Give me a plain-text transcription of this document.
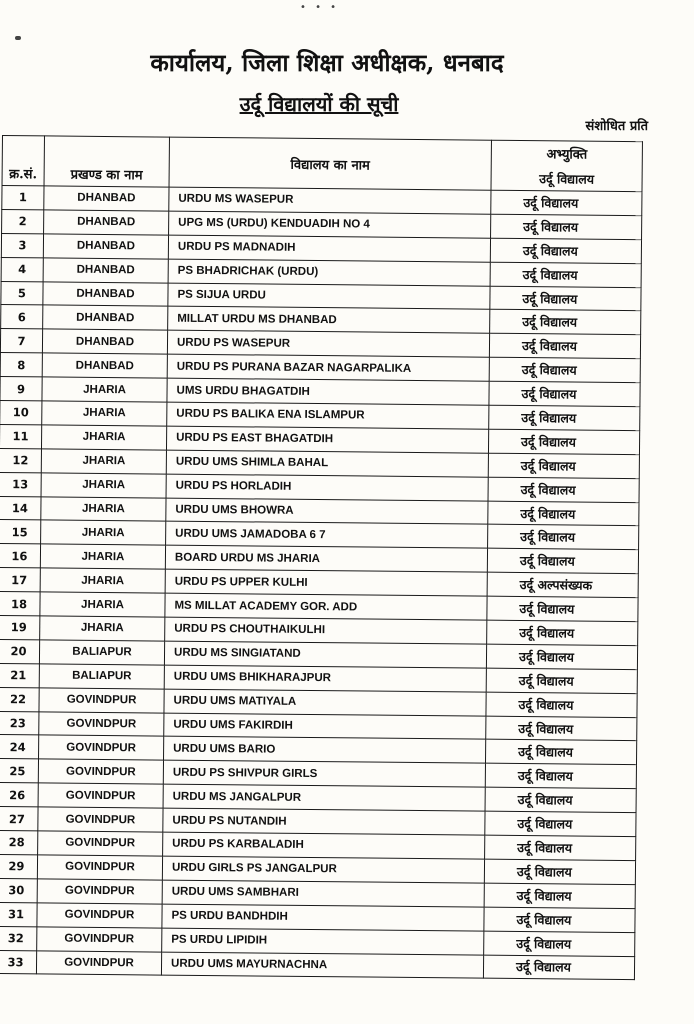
• • •
कार्यालय, जिला शिक्षा अधीक्षक, धनबाद
उर्दू विद्यालयों की सूची
संशोधित प्रति
क्र.सं.	प्रखण्ड का नाम	विद्यालय का नाम	अभ्युक्ति
उर्दू विद्यालय

1	DHANBAD	URDU MS WASEPUR	उर्दू विद्यालय
2	DHANBAD	UPG MS (URDU) KENDUADIH NO 4	उर्दू विद्यालय
3	DHANBAD	URDU PS MADNADIH	उर्दू विद्यालय
4	DHANBAD	PS BHADRICHAK (URDU)	उर्दू विद्यालय
5	DHANBAD	PS SIJUA URDU	उर्दू विद्यालय
6	DHANBAD	MILLAT URDU MS DHANBAD	उर्दू विद्यालय
7	DHANBAD	URDU PS WASEPUR	उर्दू विद्यालय
8	DHANBAD	URDU PS PURANA BAZAR NAGARPALIKA	उर्दू विद्यालय
9	JHARIA	UMS URDU BHAGATDIH	उर्दू विद्यालय
10	JHARIA	URDU PS BALIKA ENA ISLAMPUR	उर्दू विद्यालय
11	JHARIA	URDU PS EAST BHAGATDIH	उर्दू विद्यालय
12	JHARIA	URDU UMS SHIMLA BAHAL	उर्दू विद्यालय
13	JHARIA	URDU PS HORLADIH	उर्दू विद्यालय
14	JHARIA	URDU UMS BHOWRA	उर्दू विद्यालय
15	JHARIA	URDU UMS JAMADOBA 6 7	उर्दू विद्यालय
16	JHARIA	BOARD URDU MS JHARIA	उर्दू विद्यालय
17	JHARIA	URDU PS UPPER KULHI	उर्दू अल्पसंख्यक
18	JHARIA	MS MILLAT ACADEMY GOR. ADD	उर्दू विद्यालय
19	JHARIA	URDU PS CHOUTHAIKULHI	उर्दू विद्यालय
20	BALIAPUR	URDU MS SINGIATAND	उर्दू विद्यालय
21	BALIAPUR	URDU UMS BHIKHARAJPUR	उर्दू विद्यालय
22	GOVINDPUR	URDU UMS MATIYALA	उर्दू विद्यालय
23	GOVINDPUR	URDU UMS FAKIRDIH	उर्दू विद्यालय
24	GOVINDPUR	URDU UMS BARIO	उर्दू विद्यालय
25	GOVINDPUR	URDU PS SHIVPUR GIRLS	उर्दू विद्यालय
26	GOVINDPUR	URDU MS JANGALPUR	उर्दू विद्यालय
27	GOVINDPUR	URDU PS NUTANDIH	उर्दू विद्यालय
28	GOVINDPUR	URDU PS KARBALADIH	उर्दू विद्यालय
29	GOVINDPUR	URDU GIRLS PS JANGALPUR	उर्दू विद्यालय
30	GOVINDPUR	URDU UMS SAMBHARI	उर्दू विद्यालय
31	GOVINDPUR	PS URDU BANDHDIH	उर्दू विद्यालय
32	GOVINDPUR	PS URDU LIPIDIH	उर्दू विद्यालय
33	GOVINDPUR	URDU UMS MAYURNACHNA	उर्दू विद्यालय
